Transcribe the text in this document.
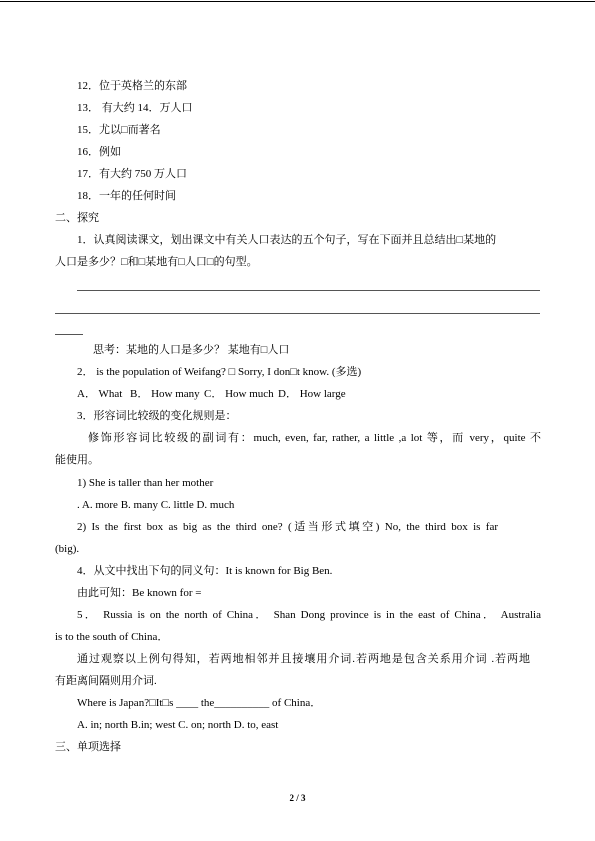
12．位于英格兰的东部
13． 有大约 14．万人口
15．尤以□而著名
16．例如
17．有大约 750 万人口
18．一年的任何时间
二、探究
1．认真阅读课文，划出课文中有关人口表达的五个句子，写在下面并且总结出□某地的
人口是多少？□和□某地有□人口□的句型。
思考：某地的人口是多少？ 某地有□人口
2． is the population of Weifang? □ Sorry, I don□t know. (多选)
A． What B． How many C． How much D． How large
3．形容词比较级的变化规则是：
修饰形容词比较级的副词有：much, even, far, rather, a little ,a lot 等，而 very，quite 不
能使用。
1) She is taller than her mother
. A. more B. many C. little D. much
2) Is the first box as big as the third one? (适当形式填空) No, the third box is far
(big).
4．从文中找出下句的同义句：It is known for Big Ben.
由此可知：Be known for =
5． Russia is on the north of China． Shan Dong province is in the east of China． Australia
is to the south of China．
通过观察以上例句得知，若两地相邻并且接壤用介词.若两地是包含关系用介词 .若两地
有距离间隔则用介词.
Where is Japan?□It□s ____ the__________ of China．
A. in; north B.in; west C. on; north D. to, east
三、单项选择
2 / 3
